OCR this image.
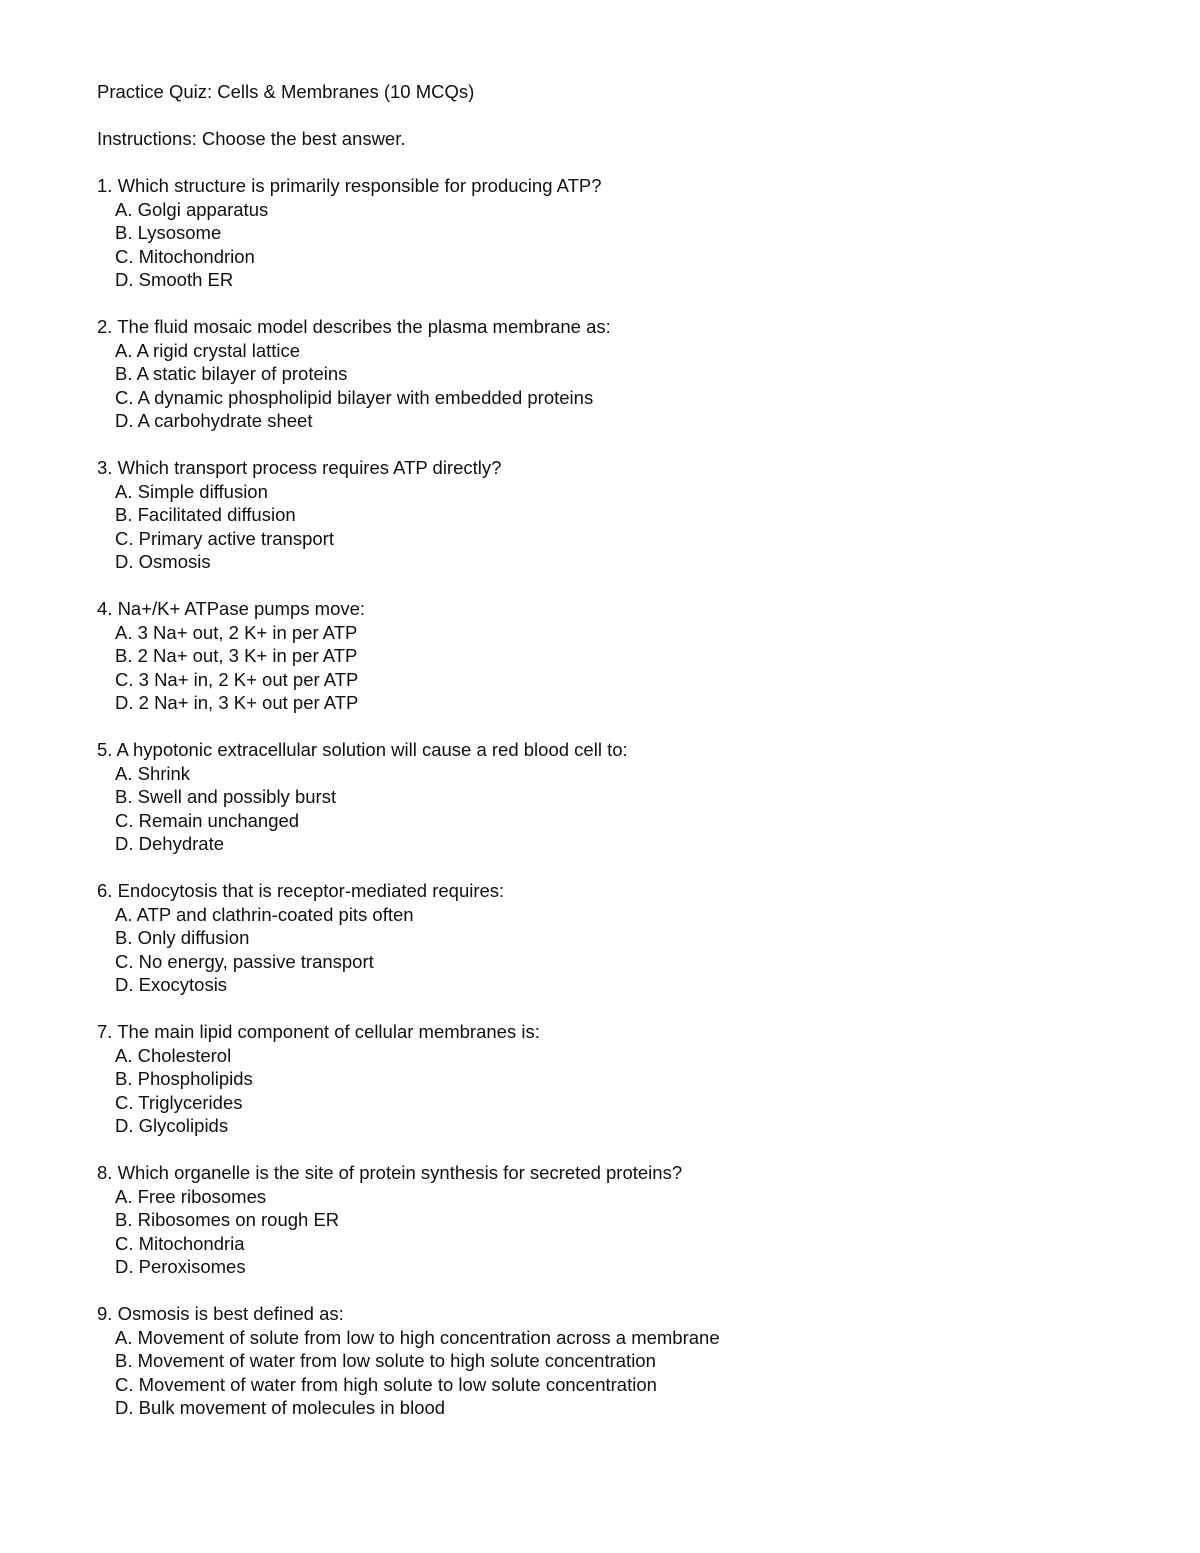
Practice Quiz: Cells & Membranes (10 MCQs)

Instructions: Choose the best answer.

1. Which structure is primarily responsible for producing ATP?

A. Golgi apparatus
B. Lysosome
C. Mitochondrion
D. Smooth ER

2. The fluid mosaic model describes the plasma membrane as:

A. A rigid crystal lattice
B. A static bilayer of proteins
C. A dynamic phospholipid bilayer with embedded proteins
D. A carbohydrate sheet

3. Which transport process requires ATP directly?

A. Simple diffusion
B. Facilitated diffusion
C. Primary active transport
D. Osmosis

4. Na+/K+ ATPase pumps move:

A. 3 Na+ out, 2 K+ in per ATP
B. 2 Na+ out, 3 K+ in per ATP
C. 3 Na+ in, 2 K+ out per ATP
D. 2 Na+ in, 3 K+ out per ATP

5. A hypotonic extracellular solution will cause a red blood cell to:

A. Shrink
B. Swell and possibly burst
C. Remain unchanged
D. Dehydrate

6. Endocytosis that is receptor-mediated requires:

A. ATP and clathrin-coated pits often
B. Only diffusion
C. No energy, passive transport
D. Exocytosis

7. The main lipid component of cellular membranes is:

A. Cholesterol
B. Phospholipids
C. Triglycerides
D. Glycolipids

8. Which organelle is the site of protein synthesis for secreted proteins?

A. Free ribosomes
B. Ribosomes on rough ER
C. Mitochondria
D. Peroxisomes

9. Osmosis is best defined as:

A. Movement of solute from low to high concentration across a membrane
B. Movement of water from low solute to high solute concentration
C. Movement of water from high solute to low solute concentration
D. Bulk movement of molecules in blood
